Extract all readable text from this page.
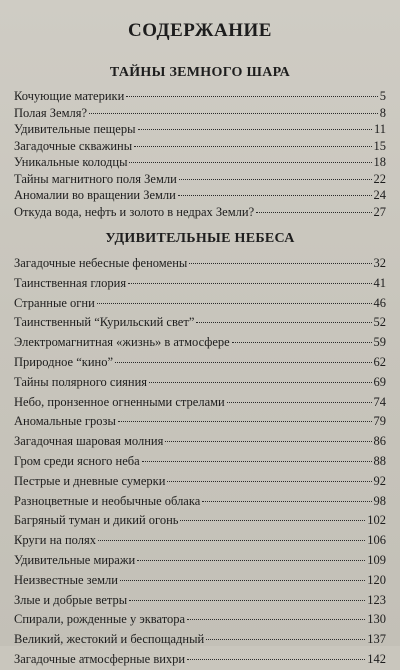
СОДЕРЖАНИЕ
ТАЙНЫ ЗЕМНОГО ШАРА
Кочующие материки	5
Полая Земля?	8
Удивительные пещеры	11
Загадочные скважины	15
Уникальные колодцы	18
Тайны магнитного поля Земли	22
Аномалии во вращении Земли	24
Откуда вода, нефть и золото в недрах Земли?	27
УДИВИТЕЛЬНЫЕ НЕБЕСА
Загадочные небесные феномены	32
Таинственная глория	41
Странные огни	46
Таинственный “Курильский свет”	52
Электромагнитная «жизнь» в атмосфере	59
Природное “кино”	62
Тайны полярного сияния	69
Небо, пронзенное огненными стрелами	74
Аномальные грозы	79
Загадочная шаровая молния	86
Гром среди ясного неба	88
Пестрые и дневные сумерки	92
Разноцветные и необычные облака	98
Багряный туман и дикий огонь	102
Круги на полях	106
Удивительные миражи	109
Неизвестные земли	120
Злые и добрые ветры	123
Спирали, рожденные у экватора	130
Великий, жестокий и беспощадный	137
Загадочные атмосферные вихри	142
